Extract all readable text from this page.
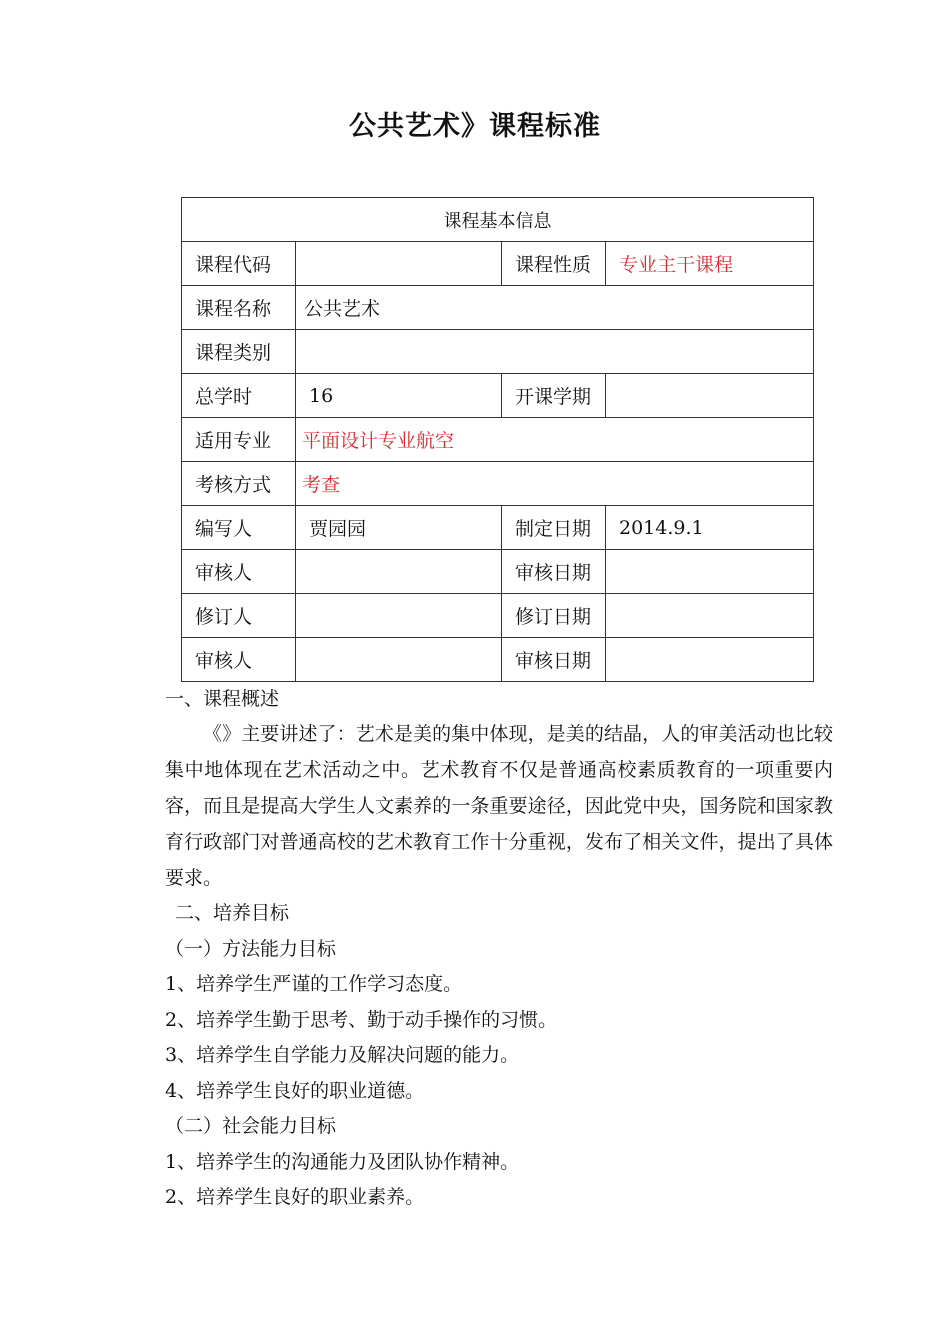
公共艺术》课程标准
课程基本信息			
课程代码		课程性质	专业主干课程
课程名称	公共艺术		
课程类别			
总学时	16	开课学期	
适用专业	平面设计专业航空		
考核方式	考查		
编写人	贾园园	制定日期	2014.9.1
审核人		审核日期	
修订人		修订日期	
审核人		审核日期	

一、课程概述

《》主要讲述了：艺术是美的集中体现，是美的结晶，人的审美活动也比较集中地体现在艺术活动之中。艺术教育不仅是普通高校素质教育的一项重要内容，而且是提高大学生人文素养的一条重要途径，因此党中央，国务院和国家教育行政部门对普通高校的艺术教育工作十分重视，发布了相关文件，提出了具体要求。

二、培养目标

（一）方法能力目标

1、培养学生严谨的工作学习态度。

2、培养学生勤于思考、勤于动手操作的习惯。

3、培养学生自学能力及解决问题的能力。

4、培养学生良好的职业道德。

（二）社会能力目标

1、培养学生的沟通能力及团队协作精神。

2、培养学生良好的职业素养。
